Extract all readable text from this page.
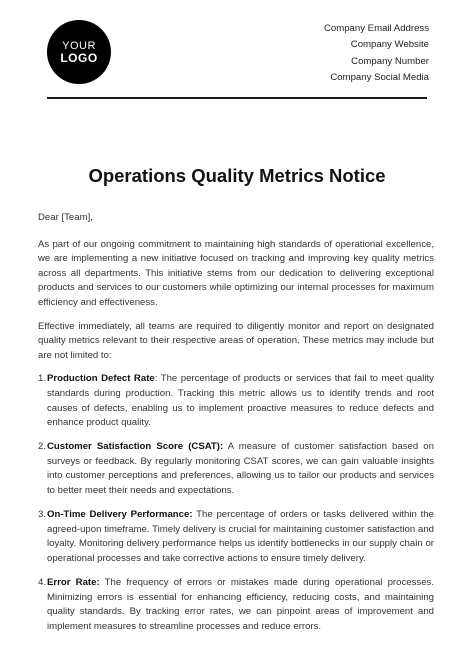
YOUR
LOGO
Company Email Address
Company Website
Company Number
Company Social Media
Operations Quality Metrics Notice

Dear [Team],

As part of our ongoing commitment to maintaining high standards of operational excellence, we are implementing a new initiative focused on tracking and improving key quality metrics across all departments. This initiative stems from our dedication to delivering exceptional products and services to our customers while optimizing our internal processes for maximum efficiency and effectiveness.

Effective immediately, all teams are required to diligently monitor and report on designated quality metrics relevant to their respective areas of operation. These metrics may include but are not limited to:

1. Production Defect Rate: The percentage of products or services that fail to meet quality standards during production. Tracking this metric allows us to identify trends and root causes of defects, enabling us to implement proactive measures to reduce defects and enhance product quality.
2. Customer Satisfaction Score (CSAT): A measure of customer satisfaction based on surveys or feedback. By regularly monitoring CSAT scores, we can gain valuable insights into customer perceptions and preferences, allowing us to tailor our products and services to better meet their needs and expectations.
3. On-Time Delivery Performance: The percentage of orders or tasks delivered within the agreed-upon timeframe. Timely delivery is crucial for maintaining customer satisfaction and loyalty. Monitoring delivery performance helps us identify bottlenecks in our supply chain or operational processes and take corrective actions to ensure timely delivery.
4. Error Rate: The frequency of errors or mistakes made during operational processes. Minimizing errors is essential for enhancing efficiency, reducing costs, and maintaining quality standards. By tracking error rates, we can pinpoint areas of improvement and implement measures to streamline processes and reduce errors.
